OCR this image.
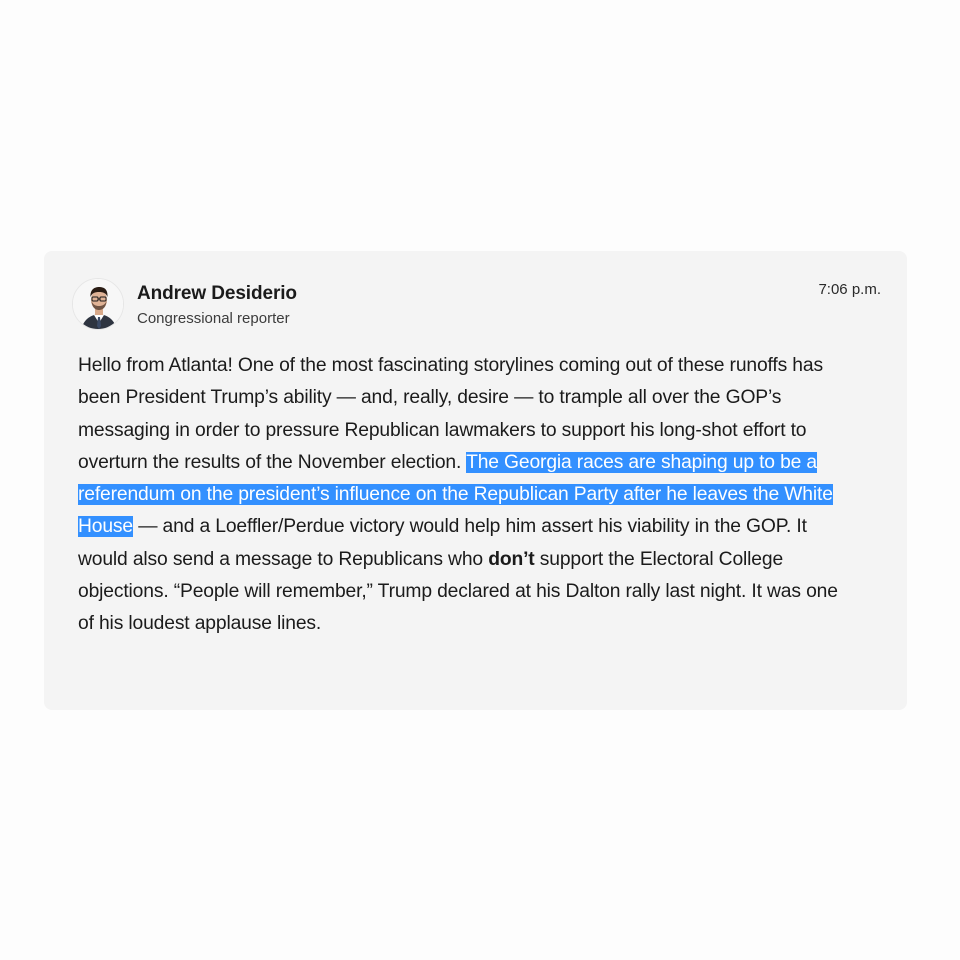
Andrew Desiderio
Congressional reporter
7:06 p.m.

Hello from Atlanta! One of the most fascinating storylines coming out of these runoffs has been President Trump’s ability — and, really, desire — to trample all over the GOP’s messaging in order to pressure Republican lawmakers to support his long-shot effort to overturn the results of the November election. The Georgia races are shaping up to be a referendum on the president’s influence on the Republican Party after he leaves the White House — and a Loeffler/Perdue victory would help him assert his viability in the GOP. It would also send a message to Republicans who don’t support the Electoral College objections. “People will remember,” Trump declared at his Dalton rally last night. It was one of his loudest applause lines.
